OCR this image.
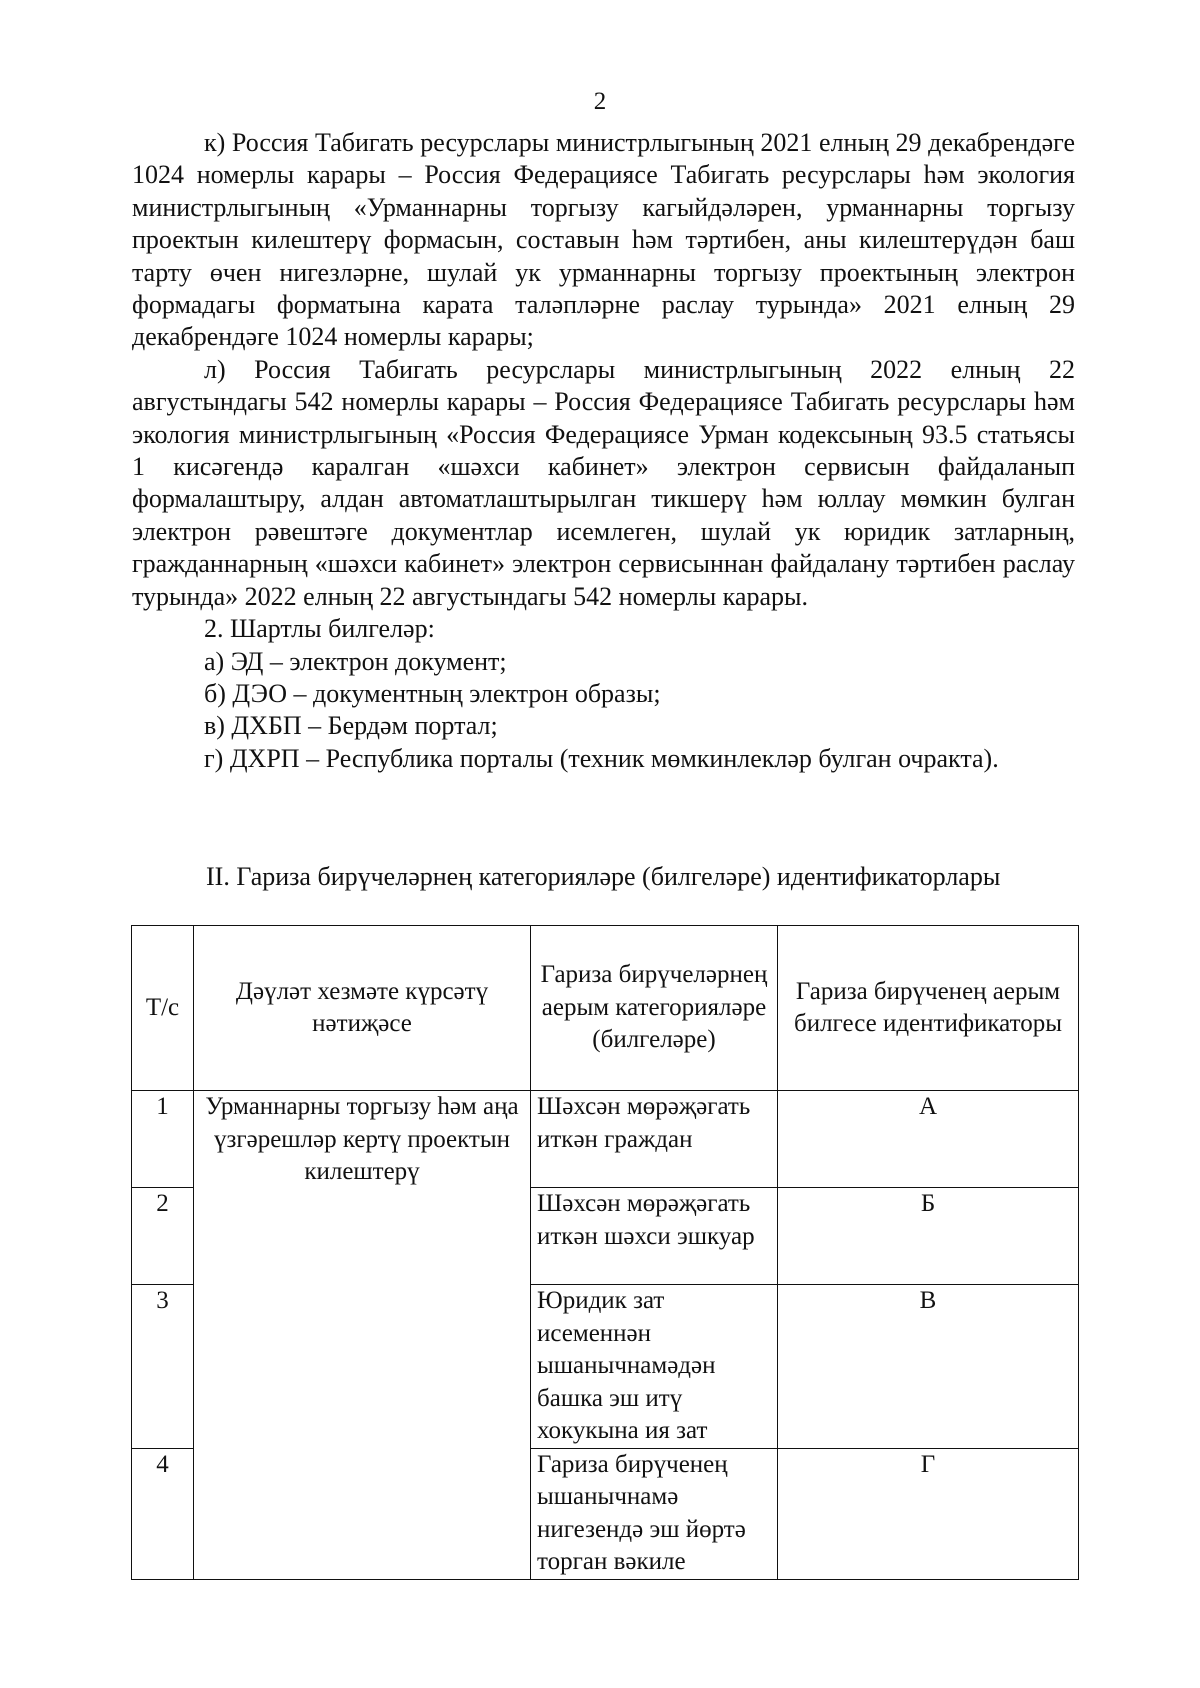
2

к) Россия Табигать ресурслары министрлыгының 2021 елның 29 декабрендәге 1024 номерлы карары – Россия Федерациясе Табигать ресурслары һәм экология министрлыгының «Урманнарны торгызу кагыйдәләрен, урманнарны торгызу проектын килештерү формасын, составын һәм тәртибен, аны килештерүдән баш тарту өчен нигезләрне, шулай ук урманнарны торгызу проектының электрон формадагы форматына карата таләпләрне раслау турында» 2021 елның 29 декабрендәге 1024 номерлы карары;

л) Россия Табигать ресурслары министрлыгының 2022 елның 22 августындагы 542 номерлы карары – Россия Федерациясе Табигать ресурслары һәм экология министрлыгының «Россия Федерациясе Урман кодексының 93.5 статьясы 1 кисәгендә каралган «шәхси кабинет» электрон сервисын файдаланып формалаштыру, алдан автоматлаштырылган тикшерү һәм юллау мөмкин булган электрон рәвештәге документлар исемлеген, шулай ук юридик затларның, гражданнарның «шәхси кабинет» электрон сервисыннан файдалану тәртибен раслау турында» 2022 елның 22 августындагы 542 номерлы карары.

2. Шартлы билгеләр:

а) ЭД – электрон документ;

б) ДЭО – документның электрон образы;

в) ДХБП – Бердәм портал;

г) ДХРП – Республика порталы (техник мөмкинлекләр булган очракта).

II. Гариза бирүчеләрнең категорияләре (билгеләре) идентификаторлары
Т/с	Дәүләт хезмәте күрсәтү нәтиҗәсе	Гариза бирүчеләрнең аерым категорияләре (билгеләре)	Гариза бирүченең аерым билгесе идентификаторы
1	Урманнарны торгызу һәм аңа үзгәрешләр кертү проектын килештерү	Шәхсән мөрәҗәгать иткән граждан	А
2		Шәхсән мөрәҗәгать иткән шәхси эшкуар	Б
3		Юридик зат исеменнән ышанычнамәдән башка эш итү хокукына ия зат	В
4		Гариза бирүченең ышанычнамә нигезендә эш йөртә торган вәкиле	Г
